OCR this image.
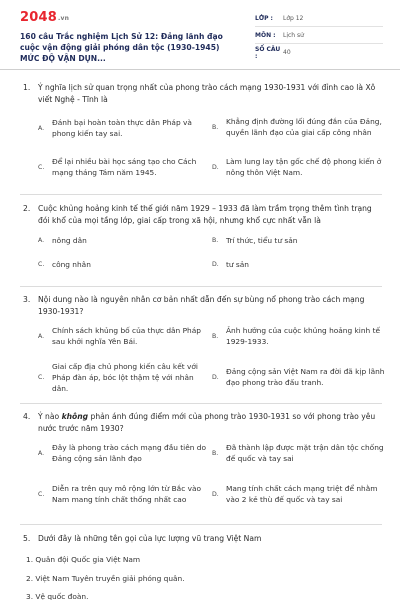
2048.vn
160 câu Trắc nghiệm Lịch Sử 12: Đảng lãnh đạo cuộc vận động giải phóng dân tộc (1930-1945) MỨC ĐỘ VẬN DỤN...
LỚP :	Lớp 12
MÔN :	Lịch sử
SỐ CÂU :	40
1.	Ý nghĩa lịch sử quan trọng nhất của phong trào cách mạng 1930-1931 với đỉnh cao là Xô viết Nghệ - Tĩnh là
A.
Đánh bại hoàn toàn thực dân Pháp và phong kiến tay sai.
B.
Khẳng định đường lối đúng đắn của Đảng, quyền lãnh đạo của giai cấp công nhân
C.
Để lại nhiều bài học sáng tạo cho Cách mạng tháng Tám năm 1945.
D.
Làm lung lay tận gốc chế độ phong kiến ở nông thôn Việt Nam.
2.	Cuộc khủng hoảng kinh tế thế giới năm 1929 – 1933 đã làm trầm trọng thêm tình trạng đói khổ của mọi tầng lớp, giai cấp trong xã hội, nhưng khổ cực nhất vẫn là
A.	nông dân	B.	Trí thức, tiểu tư sản
C.	công nhân	D. tư sản
3.	Nội dung nào là nguyên nhân cơ bản nhất dẫn đến sự bùng nổ phong trào cách mạng 1930-1931?
A.
Chính sách khủng bố của thực dân Pháp sau khởi nghĩa Yên Bái.
B.
Ảnh hưởng của cuộc khủng hoảng kinh tế 1929-1933.
C.
Giai cấp địa chủ phong kiến câu kết với Pháp đàn áp, bóc lột thậm tệ với nhân dân.
D.
Đảng cộng sản Việt Nam ra đời đã kịp lãnh đạo phong trào đấu tranh.
4.	Ý nào không phản ánh đúng điểm mới của phong trào 1930-1931 so với phong trào yêu nước trước năm 1930?
A.
Đây là phong trào cách mạng đầu tiên do Đảng cộng sản lãnh đạo
B.
Đã thành lập được mặt trận dân tộc chống đế quốc và tay sai
C.
Diễn ra trên quy mô rộng lớn từ Bắc vào Nam mang tính chất thống nhất cao
D.
Mang tính chất cách mạng triệt để nhằm vào 2 kẻ thù đế quốc và tay sai
5.	Dưới đây là những tên gọi của lực lượng vũ trang Việt Nam
1. Quân đội Quốc gia Việt Nam
2. Việt Nam Tuyên truyền giải phóng quân.
3. Vệ quốc đoàn.
